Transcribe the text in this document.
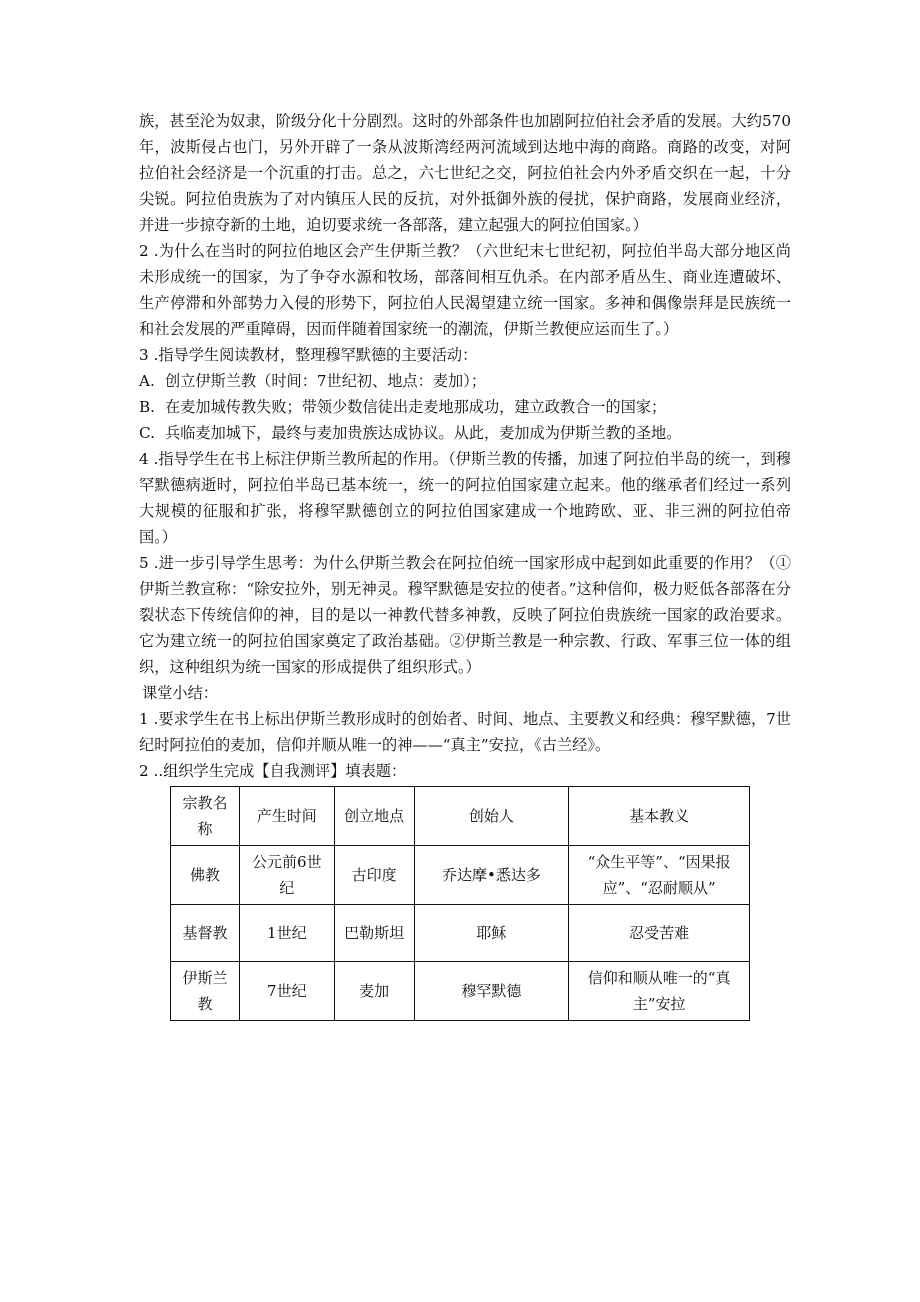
族，甚至沦为奴隶，阶级分化十分剧烈。这时的外部条件也加剧阿拉伯社会矛盾的发展。大约570年，波斯侵占也门，另外开辟了一条从波斯湾经两河流域到达地中海的商路。商路的改变，对阿拉伯社会经济是一个沉重的打击。总之，六七世纪之交，阿拉伯社会内外矛盾交织在一起，十分尖锐。阿拉伯贵族为了对内镇压人民的反抗，对外抵御外族的侵扰，保护商路，发展商业经济，并进一步掠夺新的土地，迫切要求统一各部落，建立起强大的阿拉伯国家。）

2 .为什么在当时的阿拉伯地区会产生伊斯兰教？（六世纪末七世纪初，阿拉伯半岛大部分地区尚未形成统一的国家，为了争夺水源和牧场，部落间相互仇杀。在内部矛盾丛生、商业连遭破坏、生产停滞和外部势力入侵的形势下，阿拉伯人民渴望建立统一国家。多神和偶像崇拜是民族统一和社会发展的严重障碍，因而伴随着国家统一的潮流，伊斯兰教便应运而生了。）

3 .指导学生阅读教材，整理穆罕默德的主要活动：

A. 创立伊斯兰教（时间：7世纪初、地点：麦加）；
B. 在麦加城传教失败；带领少数信徒出走麦地那成功，建立政教合一的国家；
C. 兵临麦加城下，最终与麦加贵族达成协议。从此，麦加成为伊斯兰教的圣地。

4 .指导学生在书上标注伊斯兰教所起的作用。（伊斯兰教的传播，加速了阿拉伯半岛的统一，到穆罕默德病逝时，阿拉伯半岛已基本统一，统一的阿拉伯国家建立起来。他的继承者们经过一系列大规模的征服和扩张，将穆罕默德创立的阿拉伯国家建成一个地跨欧、亚、非三洲的阿拉伯帝国。）

5 .进一步引导学生思考：为什么伊斯兰教会在阿拉伯统一国家形成中起到如此重要的作用？（①伊斯兰教宣称：“除安拉外，别无神灵。穆罕默德是安拉的使者。”这种信仰，极力贬低各部落在分裂状态下传统信仰的神，目的是以一神教代替多神教，反映了阿拉伯贵族统一国家的政治要求。它为建立统一的阿拉伯国家奠定了政治基础。②伊斯兰教是一种宗教、行政、军事三位一体的组织，这种组织为统一国家的形成提供了组织形式。）

课堂小结：

1 .要求学生在书上标出伊斯兰教形成时的创始者、时间、地点、主要教义和经典：穆罕默德，7世纪时阿拉伯的麦加，信仰并顺从唯一的神——“真主”安拉，《古兰经》。

2 ..组织学生完成【自我测评】填表题：

宗教名称	产生时间	创立地点	创始人	基本教义
佛教	公元前6世纪	古印度	乔达摩•悉达多	“众生平等”、“因果报应”、“忍耐顺从”
基督教	1世纪	巴勒斯坦	耶稣	忍受苦难
伊斯兰教	7世纪	麦加	穆罕默德	信仰和顺从唯一的“真主”安拉
